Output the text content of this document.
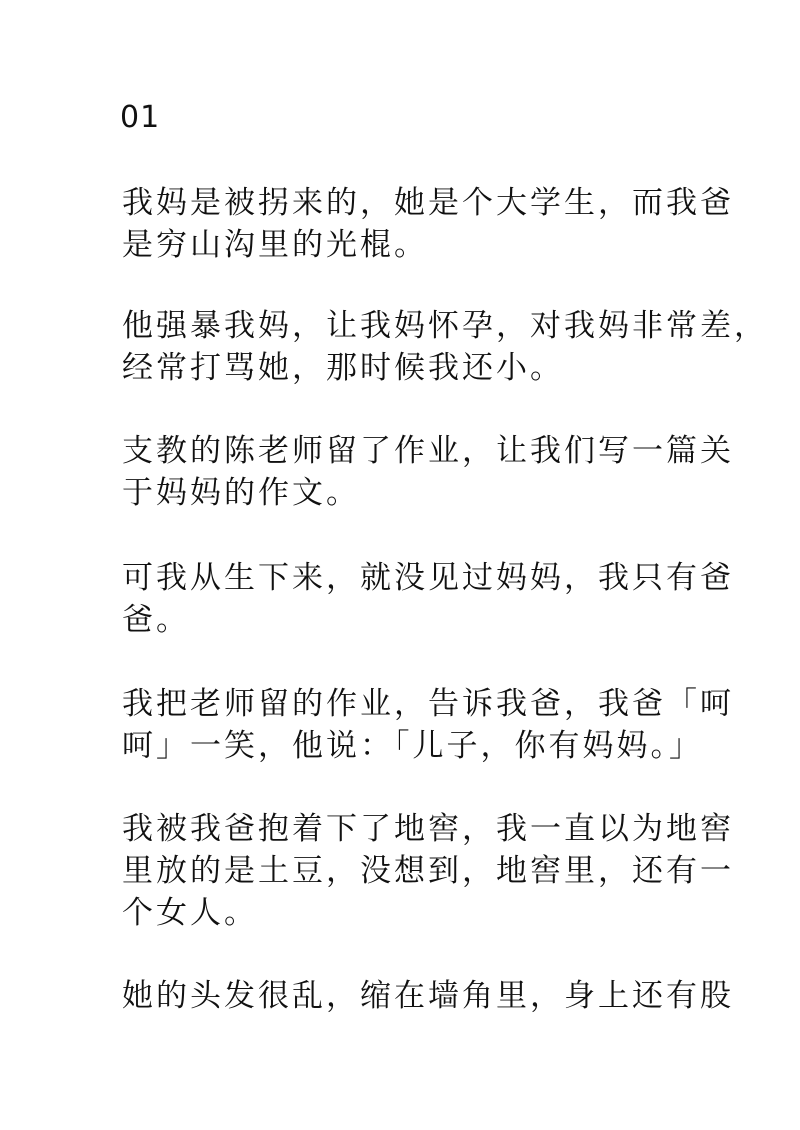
01

我妈是被拐来的，她是个大学生，而我爸
是穷山沟里的光棍。

他强暴我妈，让我妈怀孕，对我妈非常差，
经常打骂她，那时候我还小。

支教的陈老师留了作业，让我们写一篇关
于妈妈的作文。

可我从生下来，就没见过妈妈，我只有爸
爸。

我把老师留的作业，告诉我爸，我爸「呵
呵」一笑，他说：「儿子，你有妈妈。」

我被我爸抱着下了地窖，我一直以为地窖
里放的是土豆，没想到，地窖里，还有一
个女人。

她的头发很乱，缩在墙角里，身上还有股
